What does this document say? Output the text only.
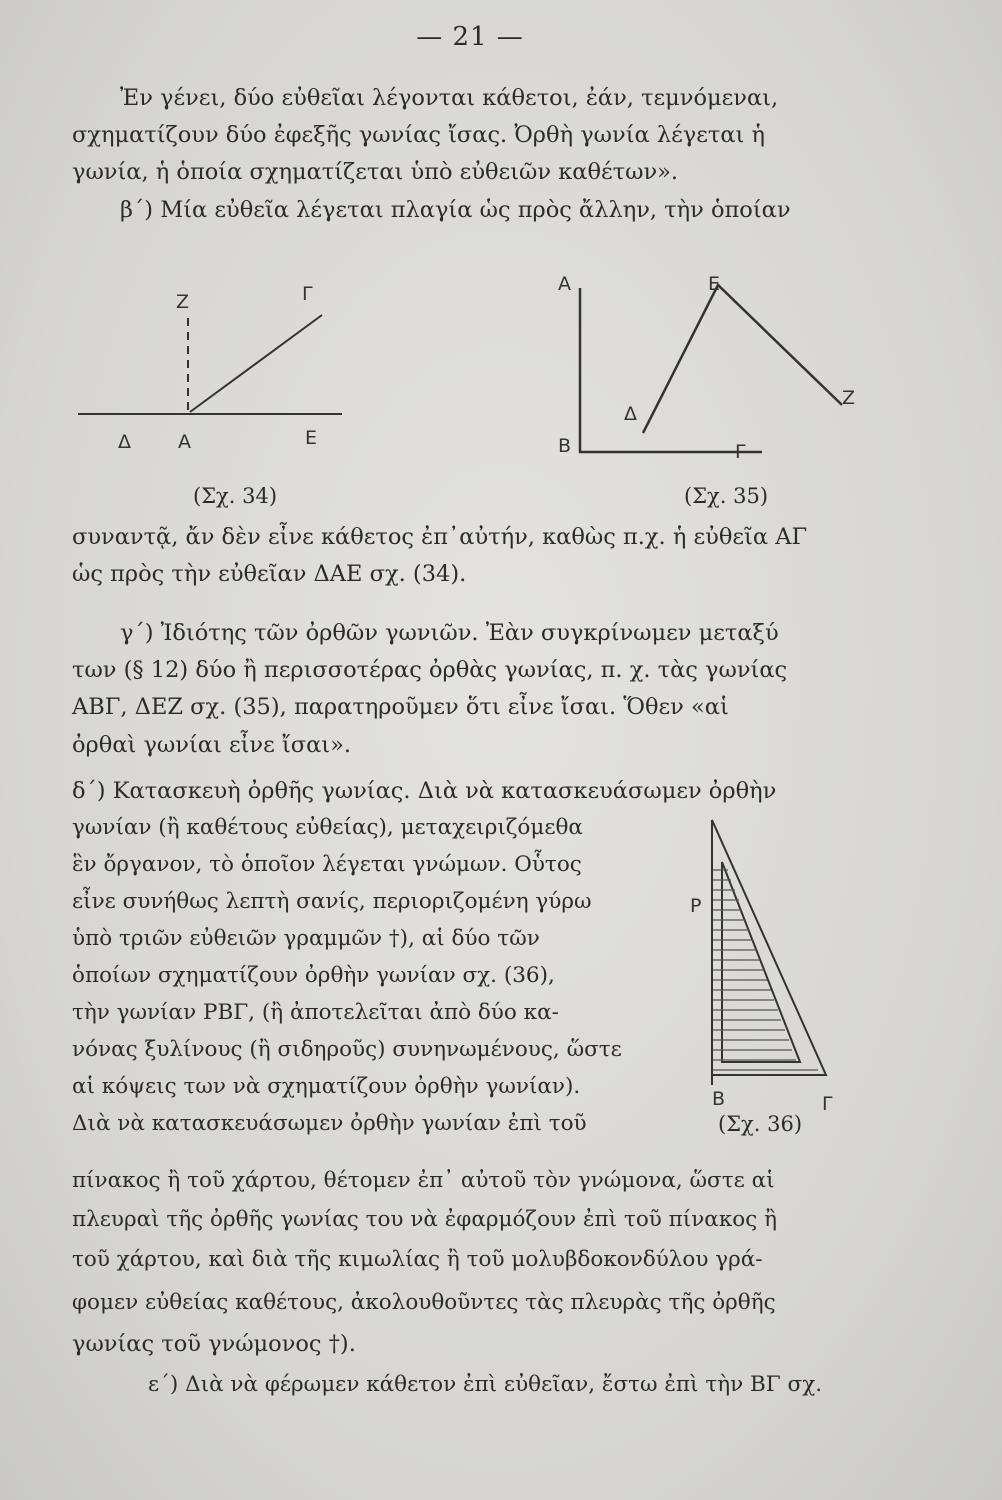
— 21 —
Ἐν γένει, δύο εὐθεῖαι λέγονται κάθετοι, ἐάν, τεμνόμεναι,
σχηματίζουν δύο ἐφεξῆς γωνίας ἴσας. Ὀρθὴ γωνία λέγεται ἡ
γωνία, ἡ ὁποία σχηματίζεται ὑπὸ εὐθειῶν καθέτων».
β΄) Μία εὐθεῖα λέγεται πλαγία ὡς πρὸς ἄλλην, τὴν ὁποίαν
Z	Γ
Δ A	E
A
B	Γ
Δ
E
Z
P
B	Γ
(Σχ. 34)	(Σχ. 35)
συναντᾷ, ἄν δὲν εἶνε κάθετος ἐπ᾽αὐτήν, καθὼς π.χ. ἡ εὐθεῖα ΑΓ
ὡς πρὸς τὴν εὐθεῖαν ΔΑΕ σχ. (34).
γ΄) Ἰδιότης τῶν ὀρθῶν γωνιῶν. Ἐὰν συγκρίνωμεν μεταξύ
των (§ 12) δύο ἢ περισσοτέρας ὀρθὰς γωνίας, π. χ. τὰς γωνίας
ΑΒΓ, ΔΕΖ σχ. (35), παρατηροῦμεν ὅτι εἶνε ἴσαι. Ὅθεν «αἱ
ὀρθαὶ γωνίαι εἶνε ἴσαι».
δ΄) Κατασκευὴ ὀρθῆς γωνίας. Διὰ νὰ κατασκευάσωμεν ὀρθὴν
γωνίαν (ἢ καθέτους εὐθείας), μεταχειριζόμεθα
ἓν ὄργανον, τὸ ὁποῖον λέγεται γνώμων. Οὗτος
εἶνε συνήθως λεπτὴ σανίς, περιοριζομένη γύρω
ὑπὸ τριῶν εὐθειῶν γραμμῶν †), αἱ δύο τῶν
ὁποίων σχηματίζουν ὀρθὴν γωνίαν σχ. (36),
τὴν γωνίαν ΡΒΓ, (ἢ ἀποτελεῖται ἀπὸ δύο κα-
νόνας ξυλίνους (ἢ σιδηροῦς) συνηνωμένους, ὥστε
αἱ κόψεις των νὰ σχηματίζουν ὀρθὴν γωνίαν).
Διὰ νὰ κατασκευάσωμεν ὀρθὴν γωνίαν ἐπὶ τοῦ	(Σχ. 36)
πίνακος ἢ τοῦ χάρτου, θέτομεν ἐπ᾽ αὐτοῦ τὸν γνώμονα, ὥστε αἱ
πλευραὶ τῆς ὀρθῆς γωνίας του νὰ ἐφαρμόζουν ἐπὶ τοῦ πίνακος ἢ
τοῦ χάρτου, καὶ διὰ τῆς κιμωλίας ἢ τοῦ μολυβδοκονδύλου γρά-
φομεν εὐθείας καθέτους, ἀκολουθοῦντες τὰς πλευρὰς τῆς ὀρθῆς
γωνίας τοῦ γνώμονος †).
ε΄) Διὰ νὰ φέρωμεν κάθετον ἐπὶ εὐθεῖαν, ἔστω ἐπὶ τὴν ΒΓ σχ.
